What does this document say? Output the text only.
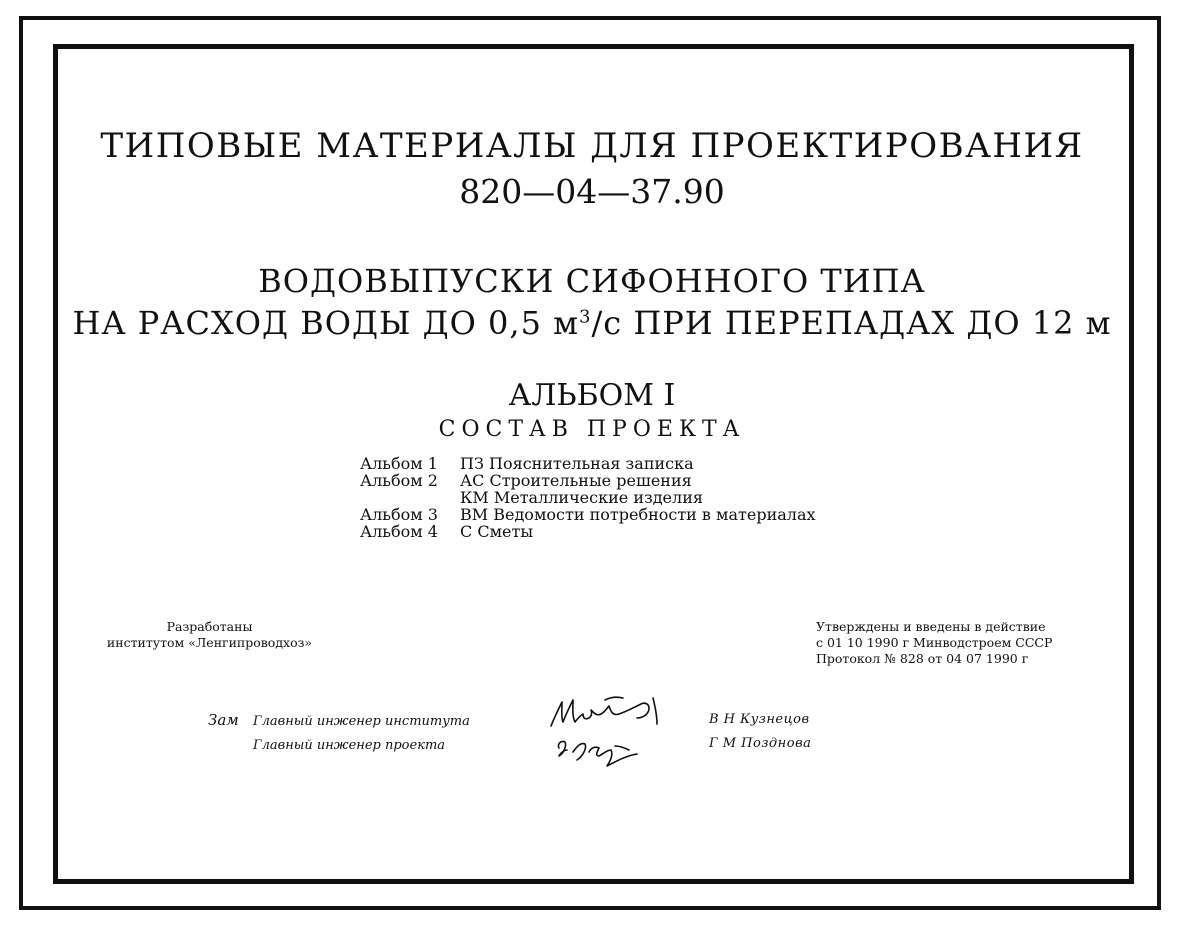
ТИПОВЫЕ МАТЕРИАЛЫ ДЛЯ ПРОЕКТИРОВАНИЯ
820—04—37.90
ВОДОВЫПУСКИ СИФОННОГО ТИПА
НА РАСХОД ВОДЫ ДО 0,5 $м^3/с$ ПРИ ПЕРЕПАДАХ ДО 12 м
АЛЬБОМ I
СОСТАВ ПРОЕКТА
Альбом 1	ПЗ Пояснительная записка
Альбом 2	АС Строительные решения
КМ Металлические изделия
Альбом 3	ВМ Ведомости потребности в материалах
Альбом 4	С Сметы
Разработаны
институтом «Ленгипроводхоз»
Утверждены и введены в действие
с 01 10 1990 г Минводстроем СССР
Протокол № 828 от 04 07 1990 г
Зам Главный инженер института
Главный инженер проекта
В Н Кузнецов
Г М Позднова
